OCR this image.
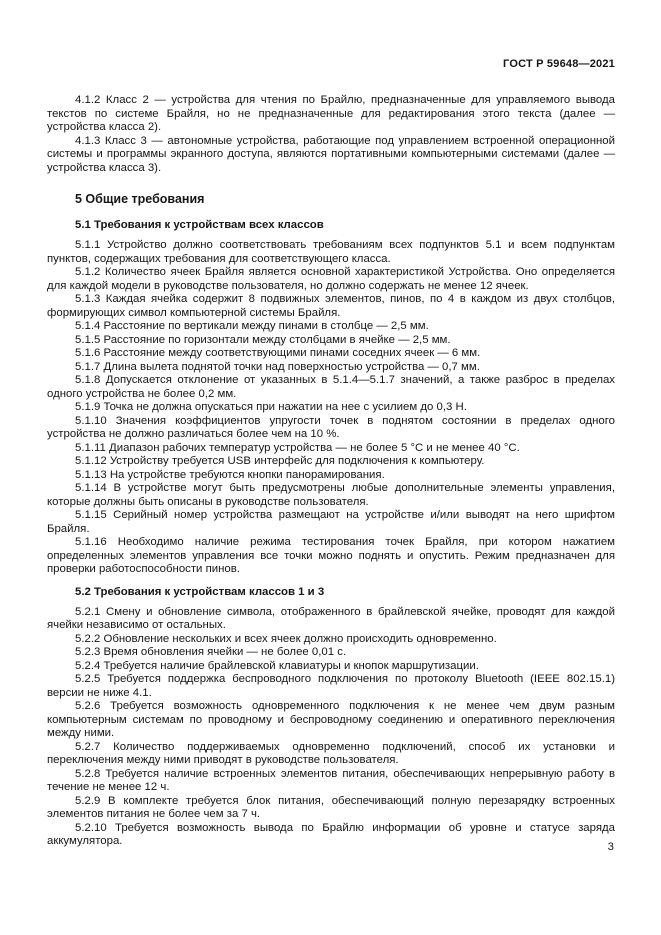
ГОСТ Р 59648—2021

4.1.2 Класс 2 — устройства для чтения по Брайлю, предназначенные для управляемого вывода текстов по системе Брайля, но не предназначенные для редактирования этого текста (далее — устройства класса 2).

4.1.3 Класс 3 — автономные устройства, работающие под управлением встроенной операционной системы и программы экранного доступа, являются портативными компьютерными системами (далее — устройства класса 3).

5 Общие требования
5.1 Требования к устройствам всех классов

5.1.1 Устройство должно соответствовать требованиям всех подпунктов 5.1 и всем подпунктам пунктов, содержащих требования для соответствующего класса.

5.1.2 Количество ячеек Брайля является основной характеристикой Устройства. Оно определяется для каждой модели в руководстве пользователя, но должно содержать не менее 12 ячеек.

5.1.3 Каждая ячейка содержит 8 подвижных элементов, пинов, по 4 в каждом из двух столбцов, формирующих символ компьютерной системы Брайля.

5.1.4 Расстояние по вертикали между пинами в столбце — 2,5 мм.

5.1.5 Расстояние по горизонтали между столбцами в ячейке — 2,5 мм.

5.1.6 Расстояние между соответствующими пинами соседних ячеек — 6 мм.

5.1.7 Длина вылета поднятой точки над поверхностью устройства — 0,7 мм.

5.1.8 Допускается отклонение от указанных в 5.1.4—5.1.7 значений, а также разброс в пределах одного устройства не более 0,2 мм.

5.1.9 Точка не должна опускаться при нажатии на нее с усилием до 0,3 Н.

5.1.10 Значения коэффициентов упругости точек в поднятом состоянии в пределах одного устройства не должно различаться более чем на 10 %.

5.1.11 Диапазон рабочих температур устройства — не более 5 °С и не менее 40 °С.

5.1.12 Устройству требуется USB интерфейс для подключения к компьютеру.

5.1.13 На устройстве требуются кнопки панорамирования.

5.1.14 В устройстве могут быть предусмотрены любые дополнительные элементы управления, которые должны быть описаны в руководстве пользователя.

5.1.15 Серийный номер устройства размещают на устройстве и/или выводят на него шрифтом Брайля.

5.1.16 Необходимо наличие режима тестирования точек Брайля, при котором нажатием определенных элементов управления все точки можно поднять и опустить. Режим предназначен для проверки работоспособности пинов.

5.2 Требования к устройствам классов 1 и 3

5.2.1 Смену и обновление символа, отображенного в брайлевской ячейке, проводят для каждой ячейки независимо от остальных.

5.2.2 Обновление нескольких и всех ячеек должно происходить одновременно.

5.2.3 Время обновления ячейки — не более 0,01 с.

5.2.4 Требуется наличие брайлевской клавиатуры и кнопок маршрутизации.

5.2.5 Требуется поддержка беспроводного подключения по протоколу Bluetooth (IEEE 802.15.1) версии не ниже 4.1.

5.2.6 Требуется возможность одновременного подключения к не менее чем двум разным компьютерным системам по проводному и беспроводному соединению и оперативного переключения между ними.

5.2.7 Количество поддерживаемых одновременно подключений, способ их установки и переключения между ними приводят в руководстве пользователя.

5.2.8 Требуется наличие встроенных элементов питания, обеспечивающих непрерывную работу в течение не менее 12 ч.

5.2.9 В комплекте требуется блок питания, обеспечивающий полную перезарядку встроенных элементов питания не более чем за 7 ч.

5.2.10 Требуется возможность вывода по Брайлю информации об уровне и статусе заряда аккумулятора.	3
